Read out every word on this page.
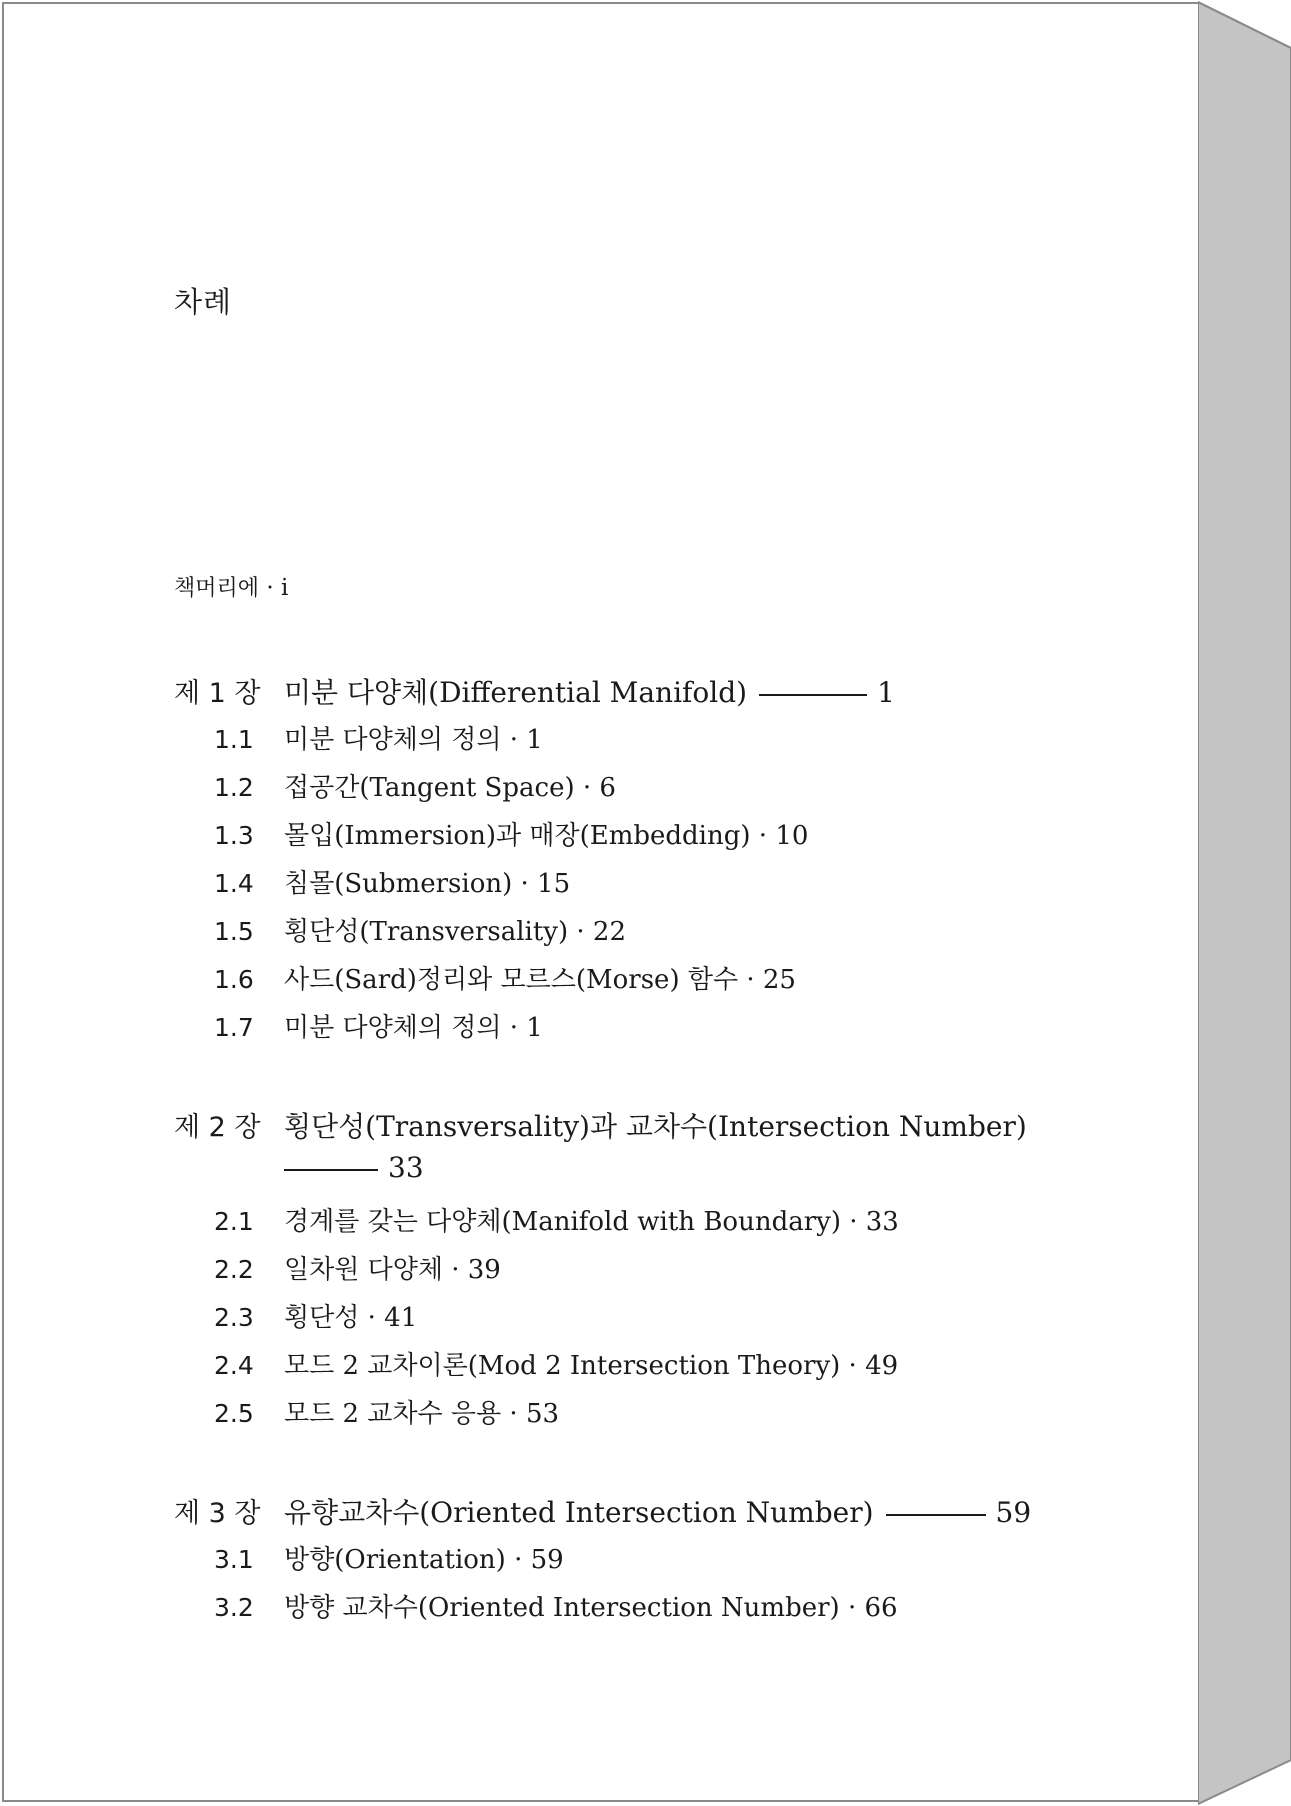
차례
책머리에 · i
제 1 장 미분 다양체(Differential Manifold)	1
1.1 미분 다양체의 정의 · 1
1.2 접공간(Tangent Space) · 6
1.3 몰입(Immersion)과 매장(Embedding) · 10
1.4 침몰(Submersion) · 15
1.5 횡단성(Transversality) · 22
1.6 사드(Sard)정리와 모르스(Morse) 함수 · 25
1.7 미분 다양체의 정의 · 1
제 2 장 횡단성(Transversality)과 교차수(Intersection Number)
33
2.1 경계를 갖는 다양체(Manifold with Boundary) · 33
2.2 일차원 다양체 · 39
2.3 횡단성 · 41
2.4 모드 2 교차이론(Mod 2 Intersection Theory) · 49
2.5 모드 2 교차수 응용 · 53
제 3 장 유향교차수(Oriented Intersection Number)	59
3.1 방향(Orientation) · 59
3.2 방향 교차수(Oriented Intersection Number) · 66
